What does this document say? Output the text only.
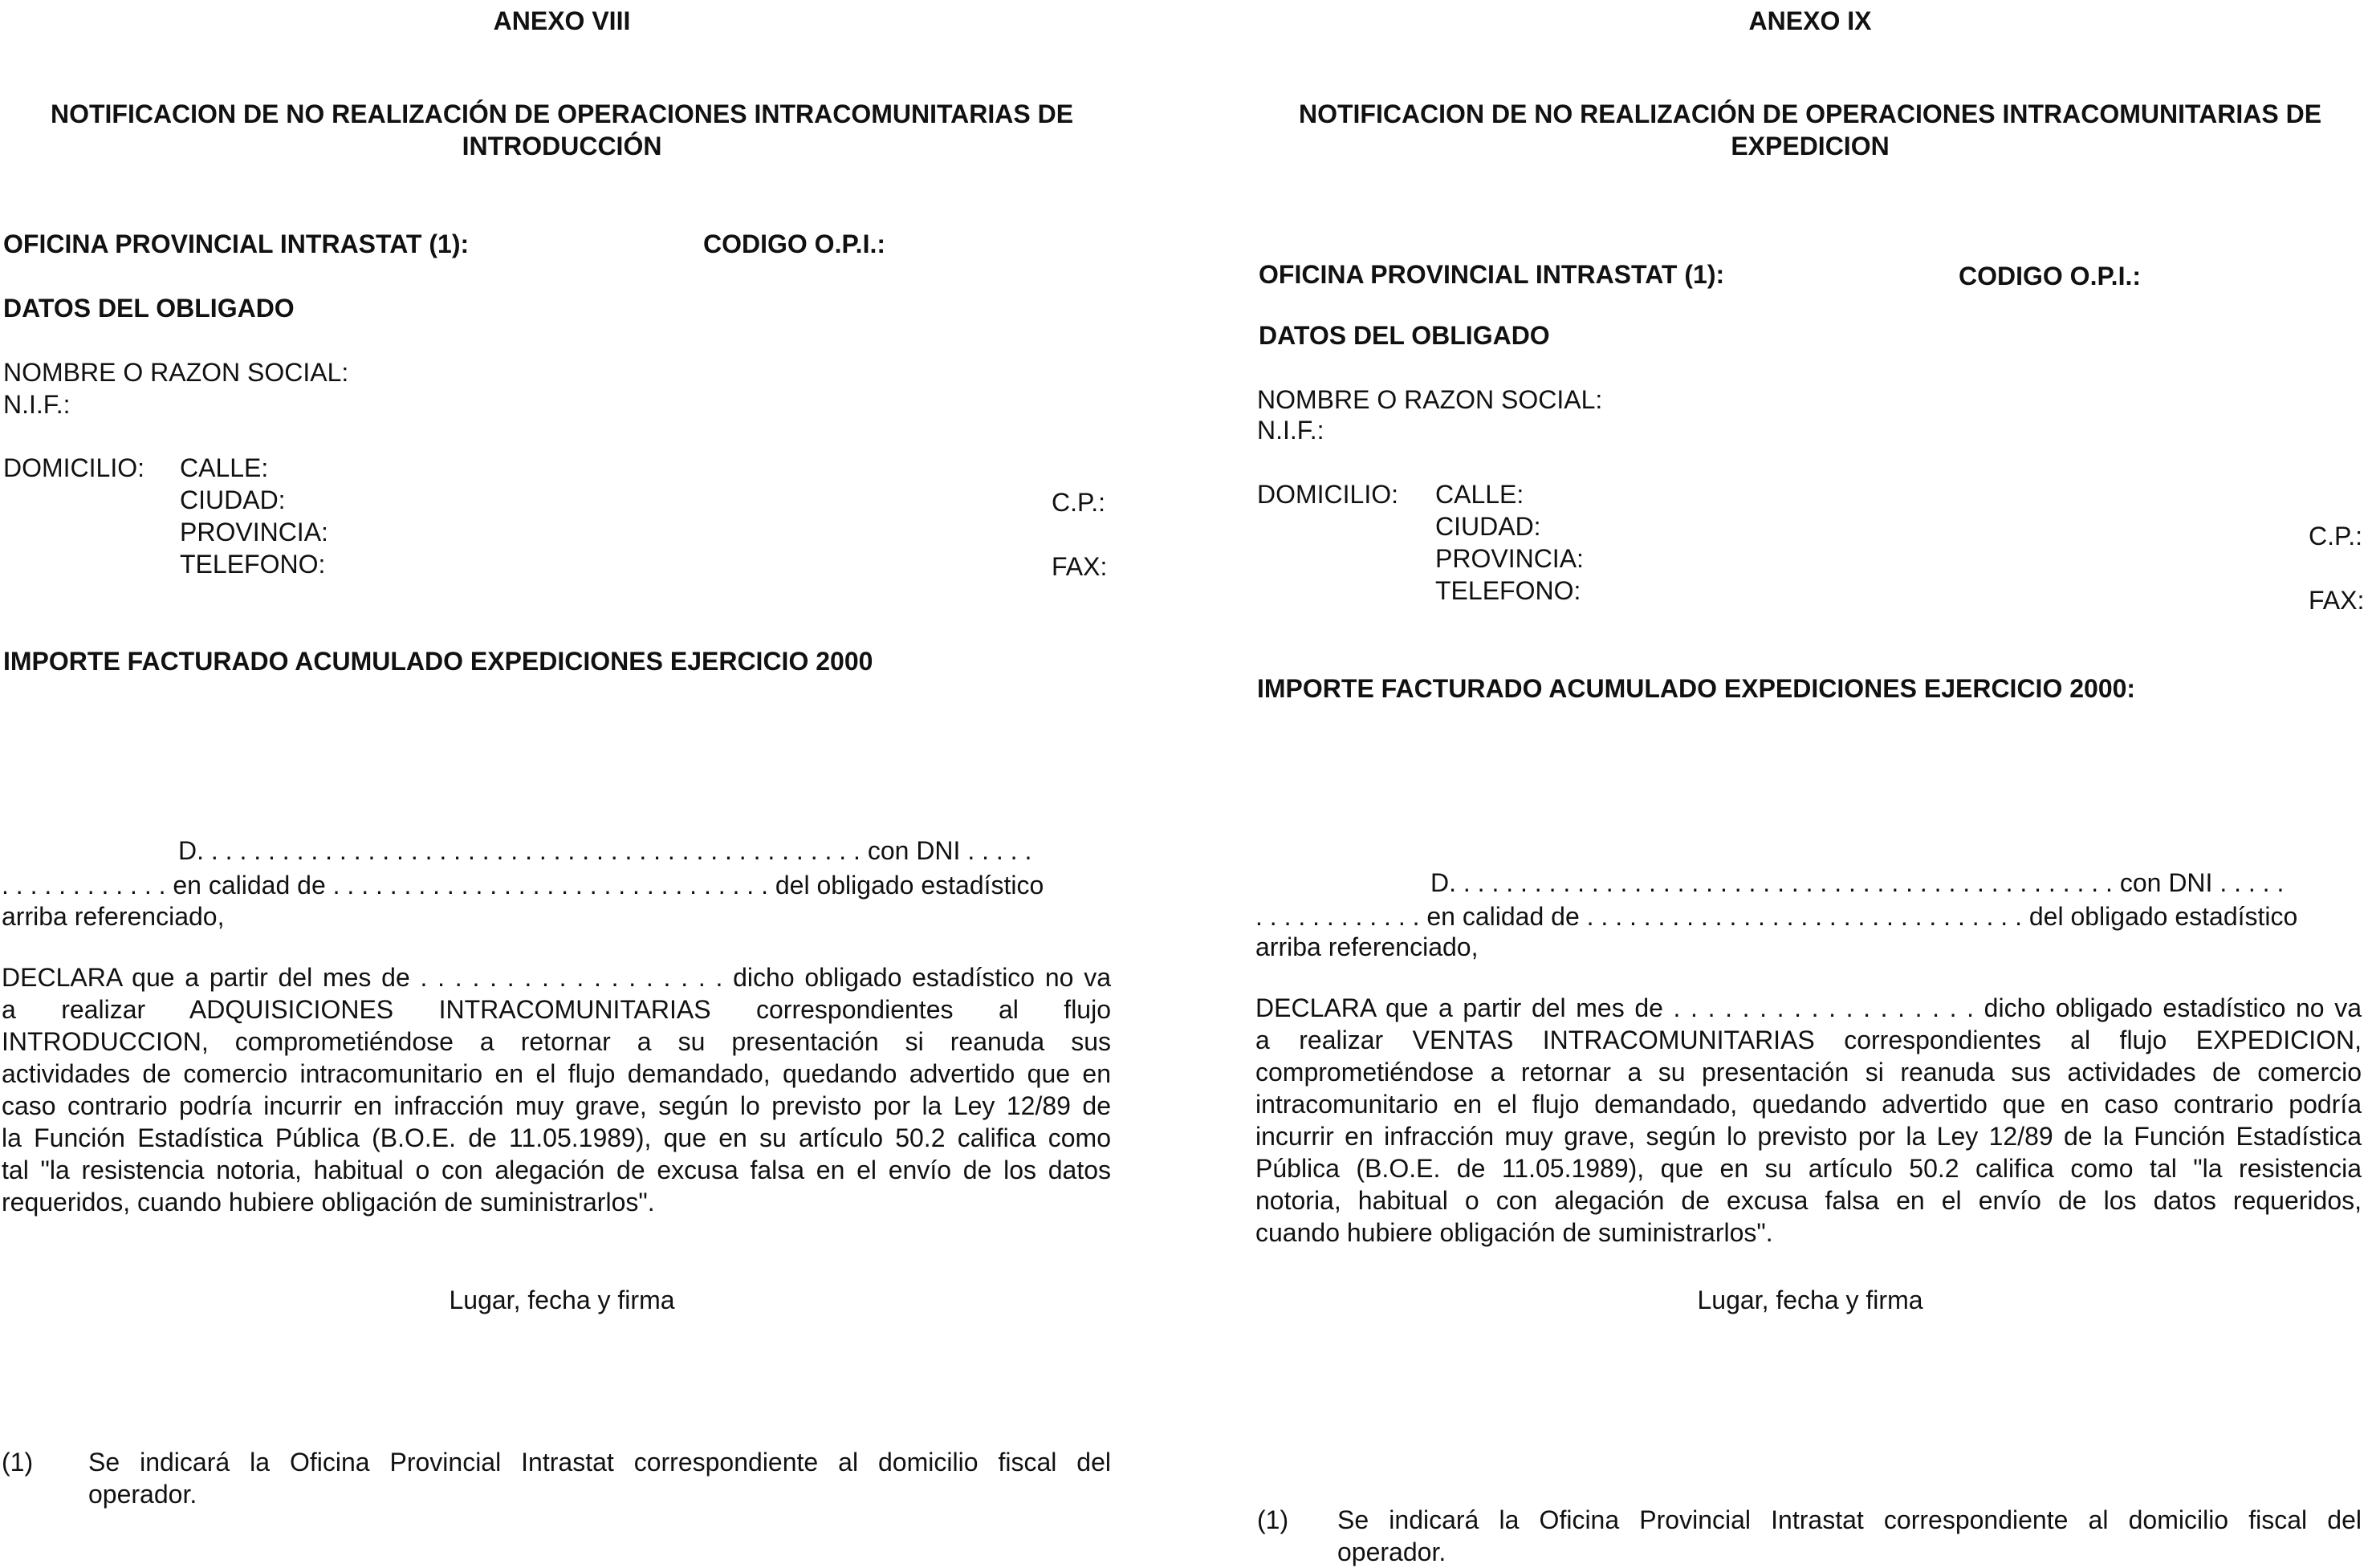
ANEXO VIII
NOTIFICACION DE NO REALIZACIÓN DE OPERACIONES INTRACOMUNITARIAS DE
INTRODUCCIÓN
OFICINA PROVINCIAL INTRASTAT (1):	CODIGO O.P.I.:
DATOS DEL OBLIGADO
NOMBRE O RAZON SOCIAL:
N.I.F.:
DOMICILIO: CALLE:
CIUDAD:
PROVINCIA:
TELEFONO:
C.P.:
FAX:
IMPORTE FACTURADO ACUMULADO EXPEDICIONES EJERCICIO 2000
D. . . . . . . . . . . . . . . . . . . . . . . . . . . . . . . . . . . . . . . . . . . . . . . con DNI . . . . .
. . . . . . . . . . . . en calidad de . . . . . . . . . . . . . . . . . . . . . . . . . . . . . . . del obligado estadístico
arriba referenciado,
DECLARA que a partir del mes de . . . . . . . . . . . . . . . . . . dicho obligado estadístico no va
a realizar ADQUISICIONES INTRACOMUNITARIAS correspondientes al flujo
INTRODUCCION, comprometiéndose a retornar a su presentación si reanuda sus
actividades de comercio intracomunitario en el flujo demandado, quedando advertido que en
caso contrario podría incurrir en infracción muy grave, según lo previsto por la Ley 12/89 de
la Función Estadística Pública (B.O.E. de 11.05.1989), que en su artículo 50.2 califica como
tal "la resistencia notoria, habitual o con alegación de excusa falsa en el envío de los datos
requeridos, cuando hubiere obligación de suministrarlos".
Lugar, fecha y firma
(1) Se indicará la Oficina Provincial Intrastat correspondiente al domicilio fiscal del
operador.
ANEXO IX
NOTIFICACION DE NO REALIZACIÓN DE OPERACIONES INTRACOMUNITARIAS DE
EXPEDICION
OFICINA PROVINCIAL INTRASTAT (1):	CODIGO O.P.I.:
DATOS DEL OBLIGADO
NOMBRE O RAZON SOCIAL:
N.I.F.:
DOMICILIO: CALLE:
CIUDAD:
PROVINCIA:
TELEFONO:
C.P.:
FAX:
IMPORTE FACTURADO ACUMULADO EXPEDICIONES EJERCICIO 2000:
D. . . . . . . . . . . . . . . . . . . . . . . . . . . . . . . . . . . . . . . . . . . . . . . con DNI . . . . .
. . . . . . . . . . . . en calidad de . . . . . . . . . . . . . . . . . . . . . . . . . . . . . . . del obligado estadístico
arriba referenciado,
DECLARA que a partir del mes de . . . . . . . . . . . . . . . . . . dicho obligado estadístico no va
a realizar VENTAS INTRACOMUNITARIAS correspondientes al flujo EXPEDICION,
comprometiéndose a retornar a su presentación si reanuda sus actividades de comercio
intracomunitario en el flujo demandado, quedando advertido que en caso contrario podría
incurrir en infracción muy grave, según lo previsto por la Ley 12/89 de la Función Estadística
Pública (B.O.E. de 11.05.1989), que en su artículo 50.2 califica como tal "la resistencia
notoria, habitual o con alegación de excusa falsa en el envío de los datos requeridos,
cuando hubiere obligación de suministrarlos".
Lugar, fecha y firma
(1) Se indicará la Oficina Provincial Intrastat correspondiente al domicilio fiscal del
operador.
